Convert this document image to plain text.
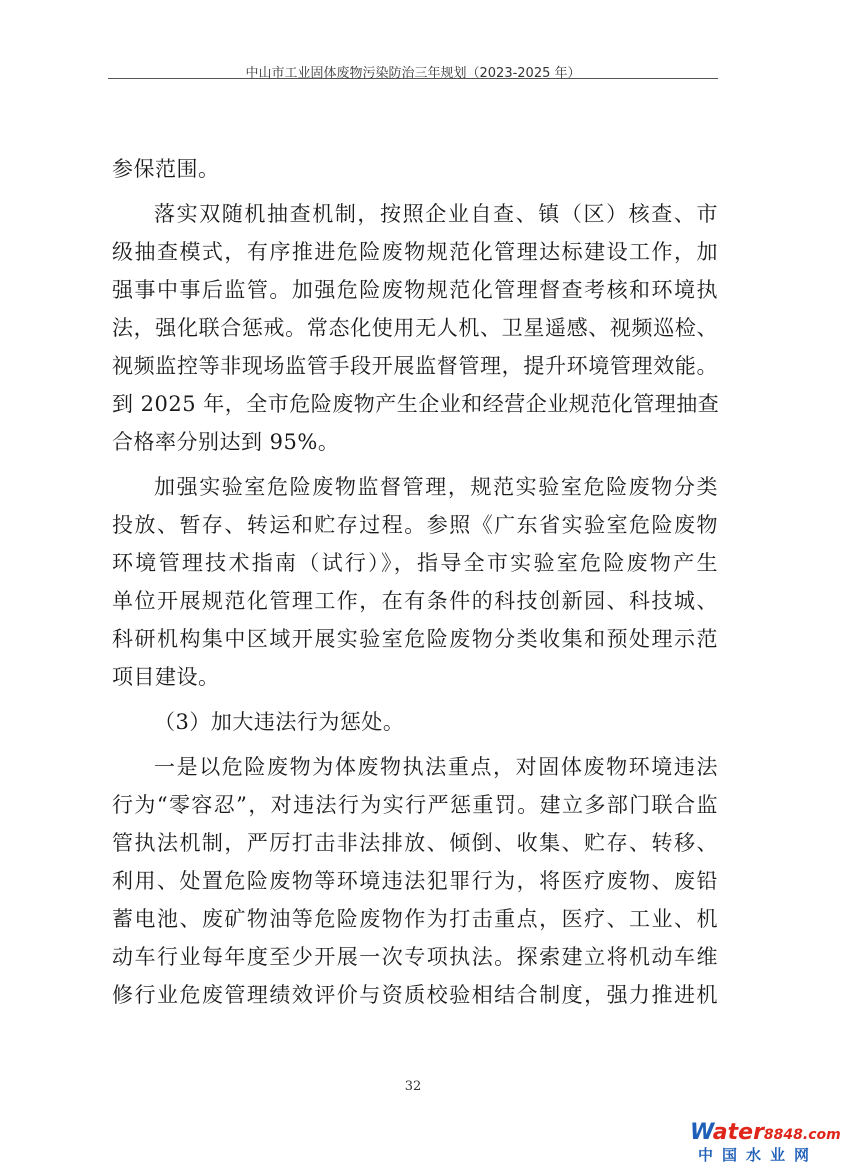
中山市工业固体废物污染防治三年规划（2023-2025 年）
参保范围。
落实双随机抽查机制，按照企业自查、镇（区）核查、市
级抽查模式，有序推进危险废物规范化管理达标建设工作，加
强事中事后监管。加强危险废物规范化管理督查考核和环境执
法，强化联合惩戒。常态化使用无人机、卫星遥感、视频巡检、
视频监控等非现场监管手段开展监督管理，提升环境管理效能。
到 2025 年，全市危险废物产生企业和经营企业规范化管理抽查
合格率分别达到 95%。
加强实验室危险废物监督管理，规范实验室危险废物分类
投放、暂存、转运和贮存过程。参照《广东省实验室危险废物
环境管理技术指南（试行）》，指导全市实验室危险废物产生
单位开展规范化管理工作，在有条件的科技创新园、科技城、
科研机构集中区域开展实验室危险废物分类收集和预处理示范
项目建设。
（3）加大违法行为惩处。
一是以危险废物为体废物执法重点，对固体废物环境违法
行为“零容忍”，对违法行为实行严惩重罚。建立多部门联合监
管执法机制，严厉打击非法排放、倾倒、收集、贮存、转移、
利用、处置危险废物等环境违法犯罪行为，将医疗废物、废铅
蓄电池、废矿物油等危险废物作为打击重点，医疗、工业、机
动车行业每年度至少开展一次专项执法。探索建立将机动车维
修行业危废管理绩效评价与资质校验相结合制度，强力推进机
32
Water8848.com
中国水业网
